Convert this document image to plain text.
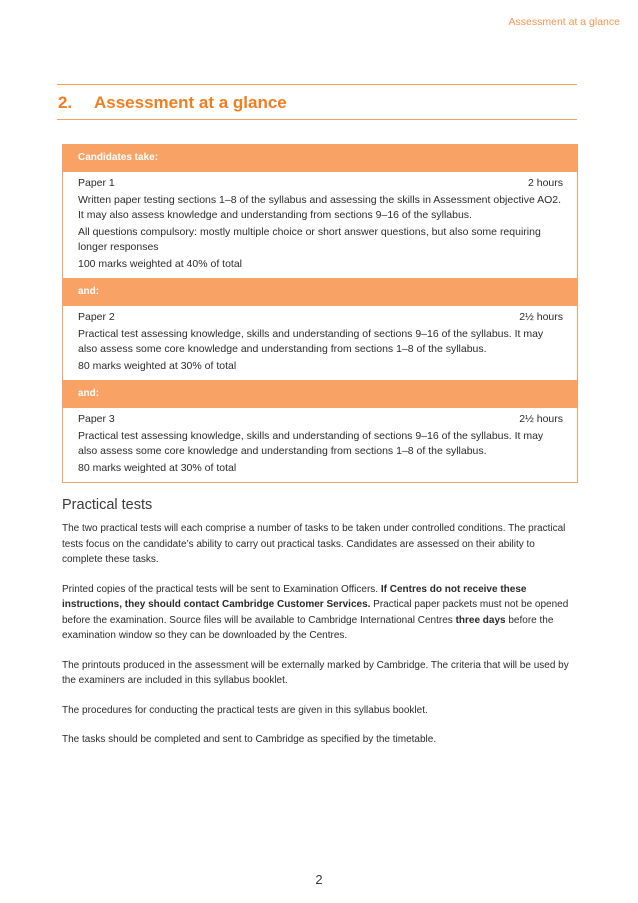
Assessment at a glance
2. Assessment at a glance
Candidates take:
Paper 1	2 hours

Written paper testing sections 1–8 of the syllabus and assessing the skills in Assessment objective AO2. It may also assess knowledge and understanding from sections 9–16 of the syllabus.

All questions compulsory: mostly multiple choice or short answer questions, but also some requiring longer responses

100 marks weighted at 40% of total

and:
Paper 2	2½ hours

Practical test assessing knowledge, skills and understanding of sections 9–16 of the syllabus. It may also assess some core knowledge and understanding from sections 1–8 of the syllabus.

80 marks weighted at 30% of total

and:
Paper 3	2½ hours

Practical test assessing knowledge, skills and understanding of sections 9–16 of the syllabus. It may also assess some core knowledge and understanding from sections 1–8 of the syllabus.

80 marks weighted at 30% of total

Practical tests

The two practical tests will each comprise a number of tasks to be taken under controlled conditions. The practical tests focus on the candidate’s ability to carry out practical tasks. Candidates are assessed on their ability to complete these tasks.

Printed copies of the practical tests will be sent to Examination Officers. If Centres do not receive these instructions, they should contact Cambridge Customer Services. Practical paper packets must not be opened before the examination. Source files will be available to Cambridge International Centres three days before the examination window so they can be downloaded by the Centres.

The printouts produced in the assessment will be externally marked by Cambridge. The criteria that will be used by the examiners are included in this syllabus booklet.

The procedures for conducting the practical tests are given in this syllabus booklet.

The tasks should be completed and sent to Cambridge as specified by the timetable.

2
